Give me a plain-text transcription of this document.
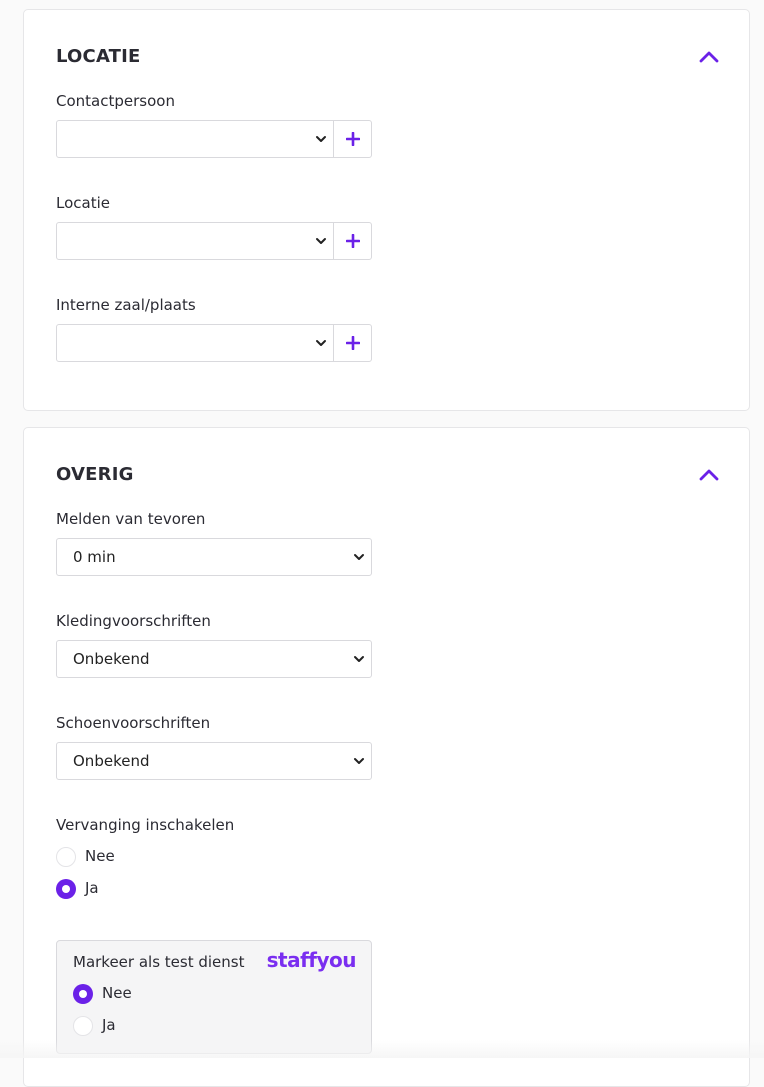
LOCATIE
Contactpersoon
Locatie
Interne zaal/plaats
OVERIG
Melden van tevoren
0 min
Kledingvoorschriften
Onbekend
Schoenvoorschriften
Onbekend
Vervanging inschakelen
Nee
Ja
Markeer als test dienst staffyou
Nee
Ja
